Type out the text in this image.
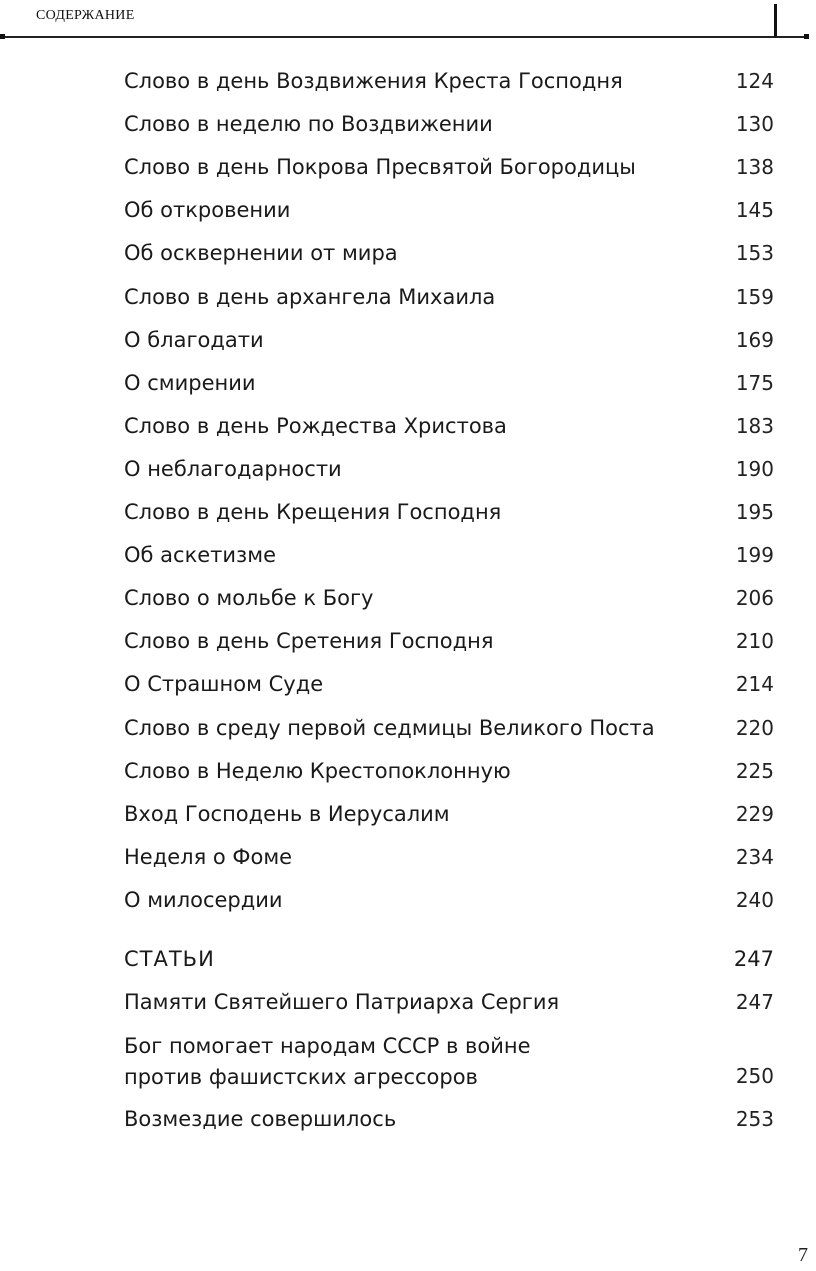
СОДЕРЖАНИЕ
Слово в день Воздвижения Креста Господня	124
Слово в неделю по Воздвижении	130
Слово в день Покрова Пресвятой Богородицы	138
Об откровении	145
Об осквернении от мира	153
Слово в день архангела Михаила	159
О благодати	169
О смирении	175
Слово в день Рождества Христова	183
О неблагодарности	190
Слово в день Крещения Господня	195
Об аскетизме	199
Слово о мольбе к Богу	206
Слово в день Сретения Господня	210
О Страшном Суде	214
Слово в среду первой седмицы Великого Поста	220
Слово в Неделю Крестопоклонную	225
Вход Господень в Иерусалим	229
Неделя о Фоме	234
О милосердии	240
СТАТЬИ	247
Памяти Святейшего Патриарха Сергия	247
Бог помогает народам СССР в войне
против фашистских агрессоров	250
Возмездие совершилось	253
7
